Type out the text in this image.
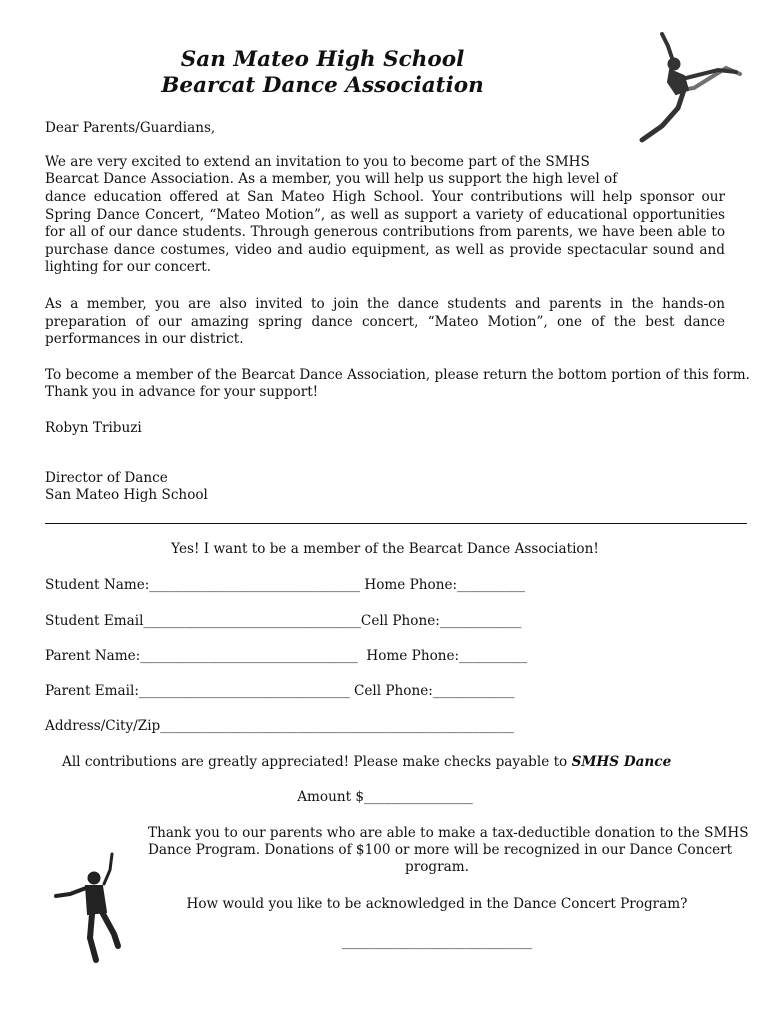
San Mateo High School
Bearcat Dance Association
Dear Parents/Guardians,
We are very excited to extend an invitation to you to become part of the SMHS
Bearcat Dance Association. As a member, you will help us support the high level of

dance education offered at San Mateo High School. Your contributions will help sponsor our Spring Dance Concert, “Mateo Motion”, as well as support a variety of educational opportunities for all of our dance students. Through generous contributions from parents, we have been able to purchase dance costumes, video and audio equipment, as well as provide spectacular sound and lighting for our concert.

As a member, you are also invited to join the dance students and parents in the hands-on preparation of our amazing spring dance concert, “Mateo Motion”, one of the best dance performances in our district.

To become a member of the Bearcat Dance Association, please return the bottom portion of this form.
Thank you in advance for your support!
Robyn Tribuzi
Director of Dance
San Mateo High School
Yes! I want to be a member of the Bearcat Dance Association!
Student Name:_______________________________ Home Phone:__________
Student Email________________________________Cell Phone:____________
Parent Name:________________________________  Home Phone:__________
Parent Email:_______________________________ Cell Phone:____________
Address/City/Zip____________________________________________________
All contributions are greatly appreciated! Please make checks payable to SMHS Dance
Amount $________________
Thank you to our parents who are able to make a tax-deductible donation to the SMHS
Dance Program. Donations of $100 or more will be recognized in our Dance Concert
program.
How would you like to be acknowledged in the Dance Concert Program?
____________________________
